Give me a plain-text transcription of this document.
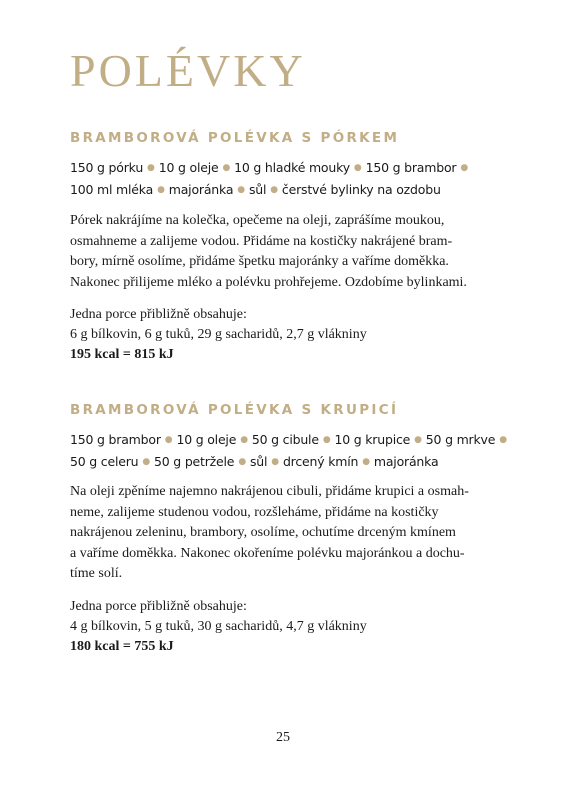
POLÉVKY
BRAMBOROVÁ POLÉVKA S PÓRKEM
150 g pórku ● 10 g oleje ● 10 g hladké mouky ● 150 g brambor ●
100 ml mléka ● majoránka ● sůl ● čerstvé bylinky na ozdobu
Pórek nakrájíme na kolečka, opečeme na oleji, zaprášíme moukou,
osmahneme a zalijeme vodou. Přidáme na kostičky nakrájené bram-
bory, mírně osolíme, přidáme špetku majoránky a vaříme doměkka.
Nakonec přilijeme mléko a polévku prohřejeme. Ozdobíme bylinkami.
Jedna porce přibližně obsahuje:
6 g bílkovin, 6 g tuků, 29 g sacharidů, 2,7 g vlákniny
195 kcal = 815 kJ
BRAMBOROVÁ POLÉVKA S KRUPICÍ
150 g brambor ● 10 g oleje ● 50 g cibule ● 10 g krupice ● 50 g mrkve ●
50 g celeru ● 50 g petržele ● sůl ● drcený kmín ● majoránka
Na oleji zpěníme najemno nakrájenou cibuli, přidáme krupici a osmah-
neme, zalijeme studenou vodou, rozšleháme, přidáme na kostičky
nakrájenou zeleninu, brambory, osolíme, ochutíme drceným kmínem
a vaříme doměkka. Nakonec okořeníme polévku majoránkou a dochu-
tíme solí.
Jedna porce přibližně obsahuje:
4 g bílkovin, 5 g tuků, 30 g sacharidů, 4,7 g vlákniny
180 kcal = 755 kJ
25
